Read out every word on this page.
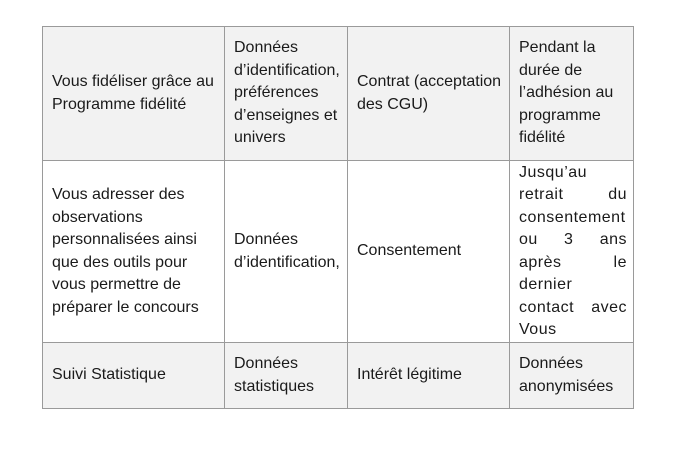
Vous fidéliser grâce au Programme fidélité	Données d’identification, préférences d’enseignes et univers	Contrat (acceptation des CGU)	Pendant la durée de l’adhésion au programme fidélité
Vous adresser des observations personnalisées ainsi que des outils pour vous permettre de préparer le concours	Données d’identification,	Consentement	Jusqu’au retrait du consentement ou 3 ans après le dernier contact avec Vous
Suivi Statistique	Données statistiques	Intérêt légitime	Données anonymisées
